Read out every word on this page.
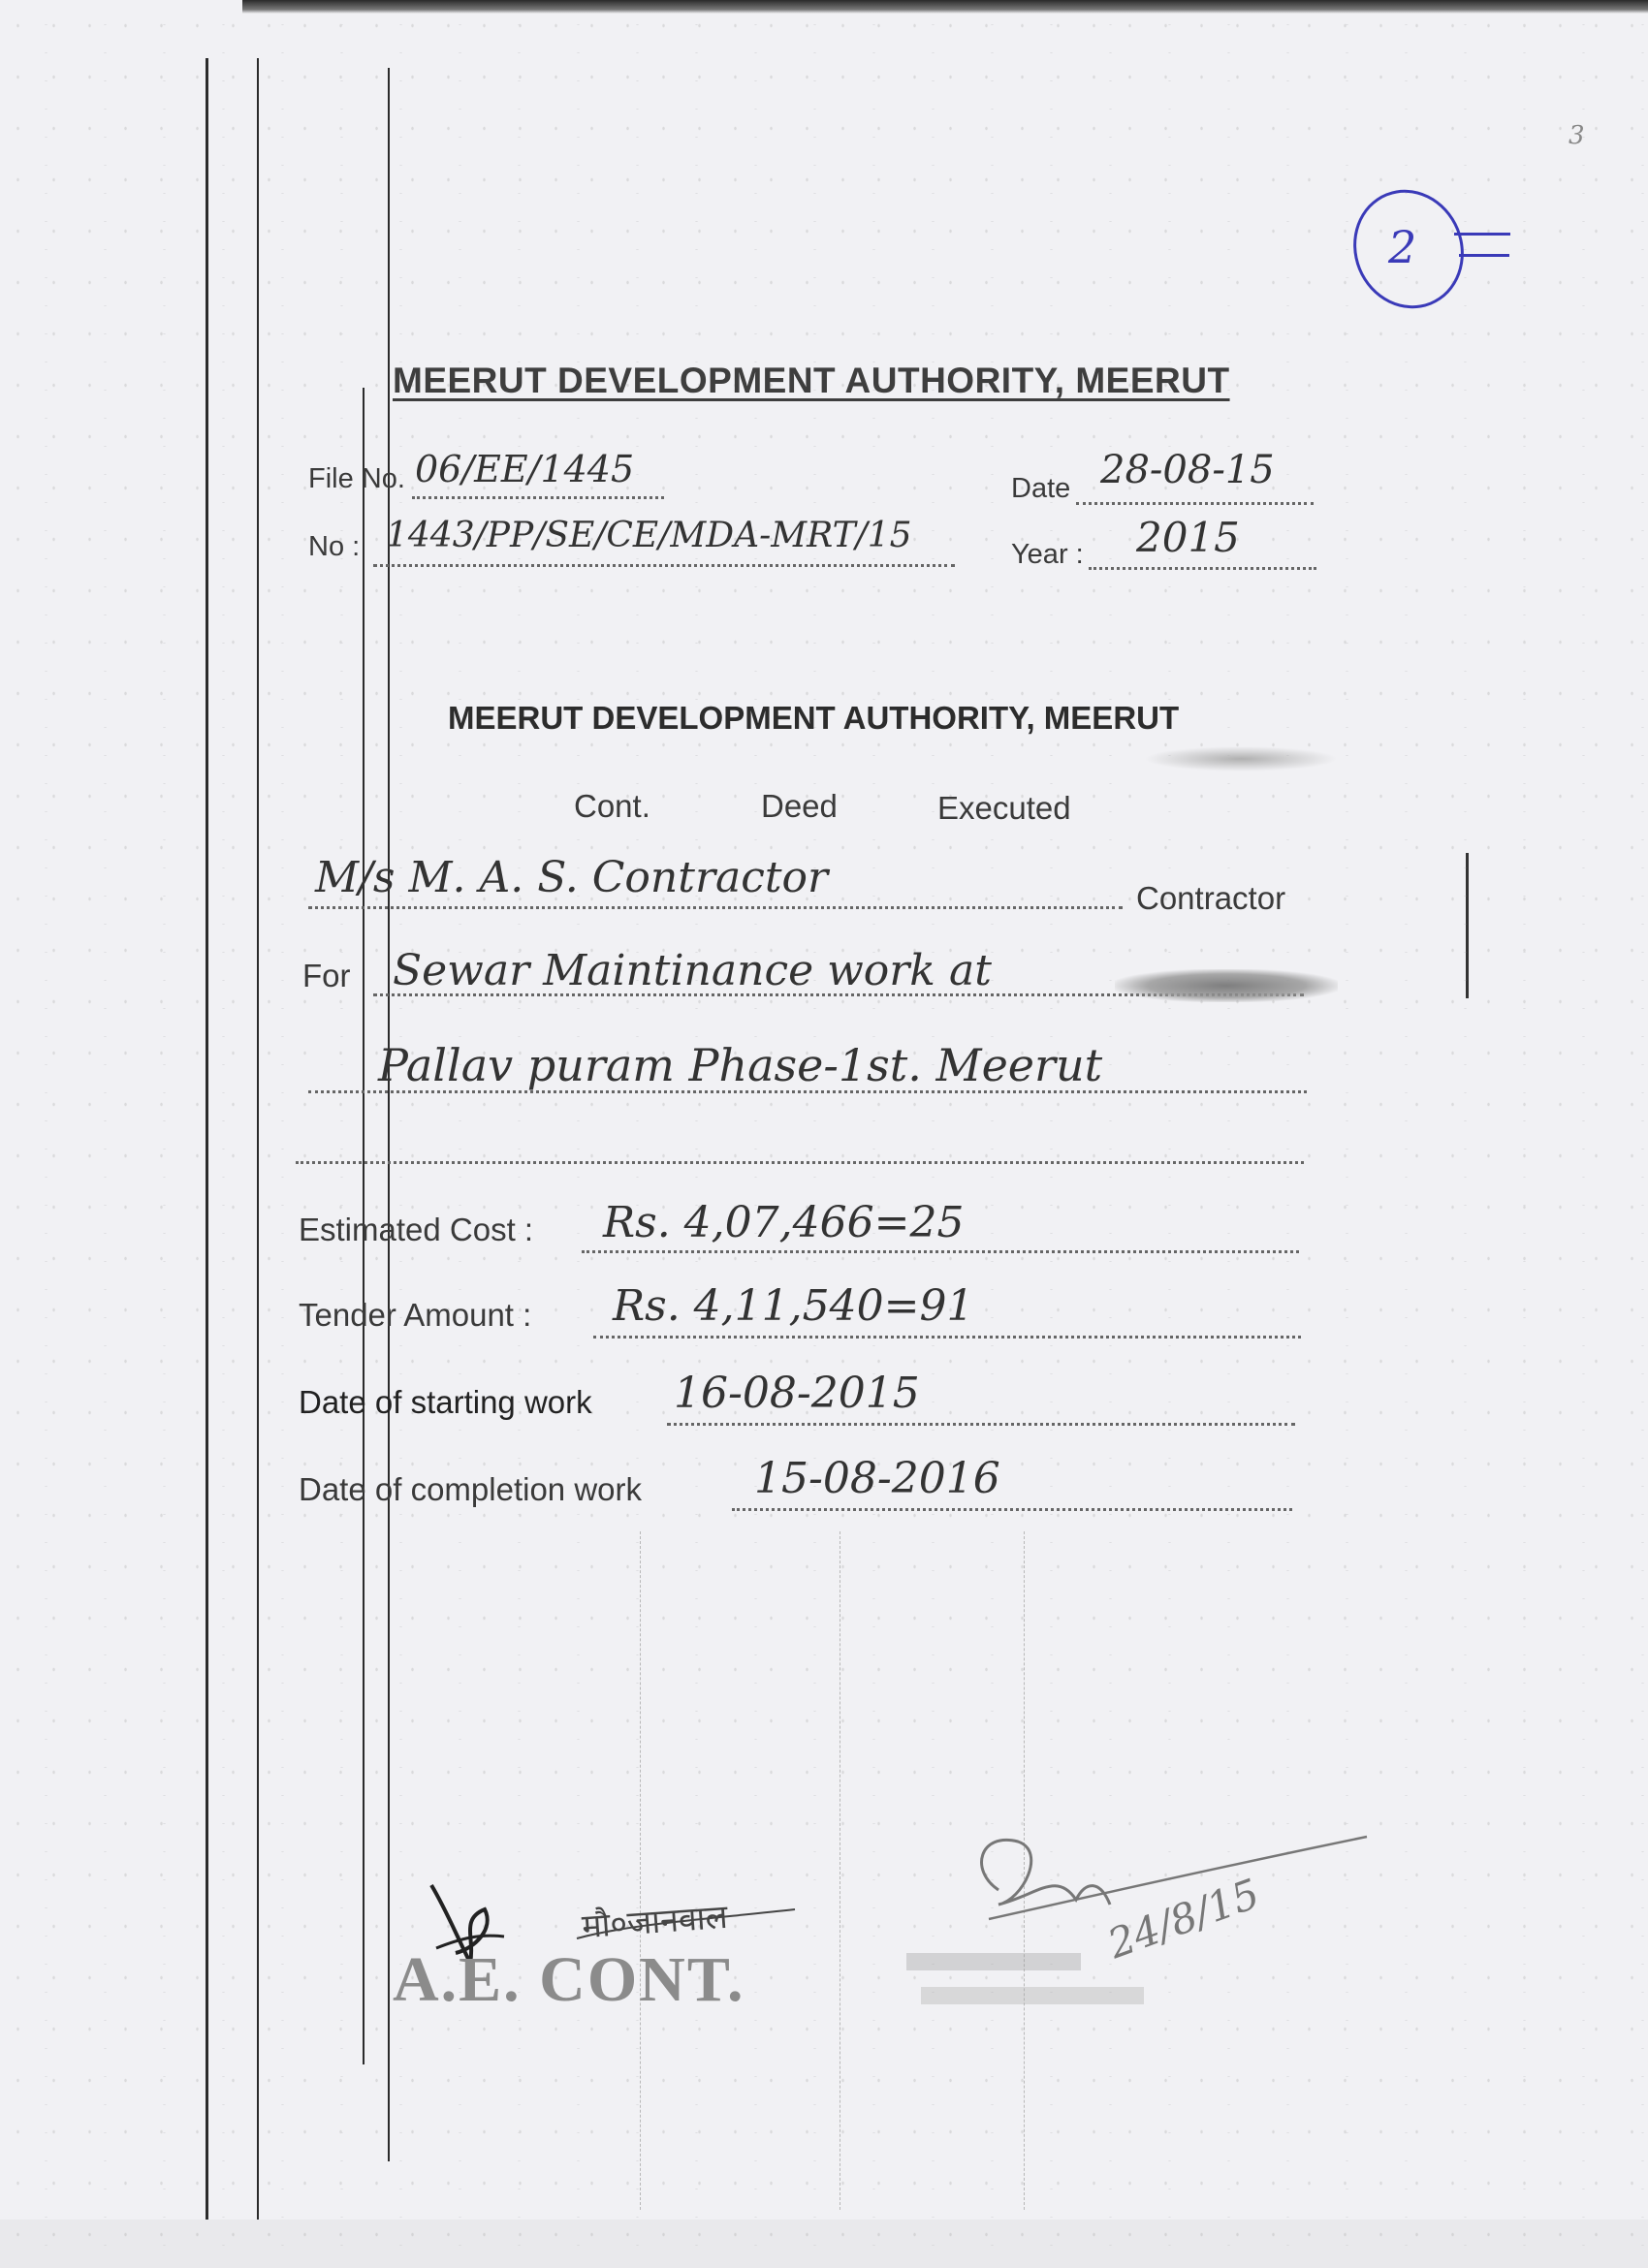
3
2
MEERUT DEVELOPMENT AUTHORITY, MEERUT
File No. 06/EE/1445
No : 1443/PP/SE/CE/MDA-MRT/15
Date 28-08-15
Year : 2015
MEERUT DEVELOPMENT AUTHORITY, MEERUT
Cont.	Deed	Executed
M/s M. A. S. Contractor	Contractor
For Sewar Maintinance work at
Pallav puram Phase-1st. Meerut
Estimated Cost : Rs. 4,07,466=25
Tender Amount : Rs. 4,11,540=91
Date of starting work 16-08-2015
Date of completion work	15-08-2016
मौ०जानवाल
A.E. CONT.
24/8/15
